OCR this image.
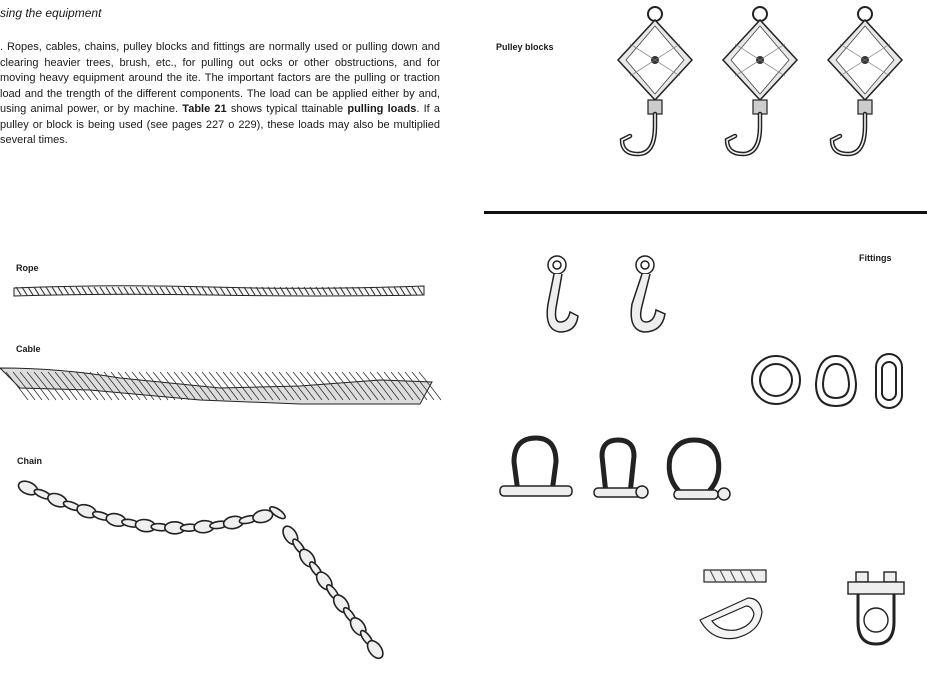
sing the equipment

. Ropes, cables, chains, pulley blocks and fittings are normally used or pulling down and clearing heavier trees, brush, etc., for pulling out ocks or other obstructions, and for moving heavy equipment around the ite. The important factors are the pulling or traction load and the trength of the different components. The load can be applied either by and, using animal power, or by machine. Table 21 shows typical ttainable pulling loads. If a pulley or block is being used (see pages 227 o 229), these loads may also be multiplied several times.

Rope
Cable
Chain
Pulley blocks
Fittings
